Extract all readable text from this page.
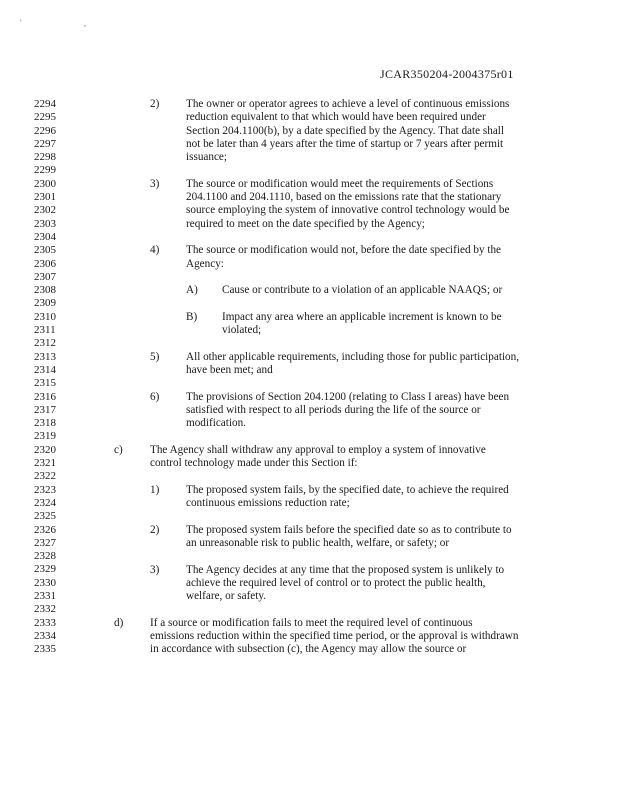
' ,
JCAR350204-2004375r01
2294
2295
2296
2297
2298
2299
2300
2301
2302
2303
2304
2305
2306
2307
2308
2309
2310
2311
2312
2313
2314
2315
2316
2317
2318
2319
2320
2321
2322
2323
2324
2325
2326
2327
2328
2329
2330
2331
2332
2333
2334
2335
2) The owner or operator agrees to achieve a level of continuous emissions
reduction equivalent to that which would have been required under
Section 204.1100(b), by a date specified by the Agency. That date shall
not be later than 4 years after the time of startup or 7 years after permit
issuance;
3) The source or modification would meet the requirements of Sections
204.1100 and 204.1110, based on the emissions rate that the stationary
source employing the system of innovative control technology would be
required to meet on the date specified by the Agency;
4) The source or modification would not, before the date specified by the
Agency:
A) Cause or contribute to a violation of an applicable NAAQS; or
B) Impact any area where an applicable increment is known to be
violated;
5) All other applicable requirements, including those for public participation,
have been met; and
6) The provisions of Section 204.1200 (relating to Class I areas) have been
satisfied with respect to all periods during the life of the source or
modification.
c) The Agency shall withdraw any approval to employ a system of innovative
control technology made under this Section if:
1) The proposed system fails, by the specified date, to achieve the required
continuous emissions reduction rate;
2) The proposed system fails before the specified date so as to contribute to
an unreasonable risk to public health, welfare, or safety; or
3) The Agency decides at any time that the proposed system is unlikely to
achieve the required level of control or to protect the public health,
welfare, or safety.
d) If a source or modification fails to meet the required level of continuous
emissions reduction within the specified time period, or the approval is withdrawn
in accordance with subsection (c), the Agency may allow the source or
